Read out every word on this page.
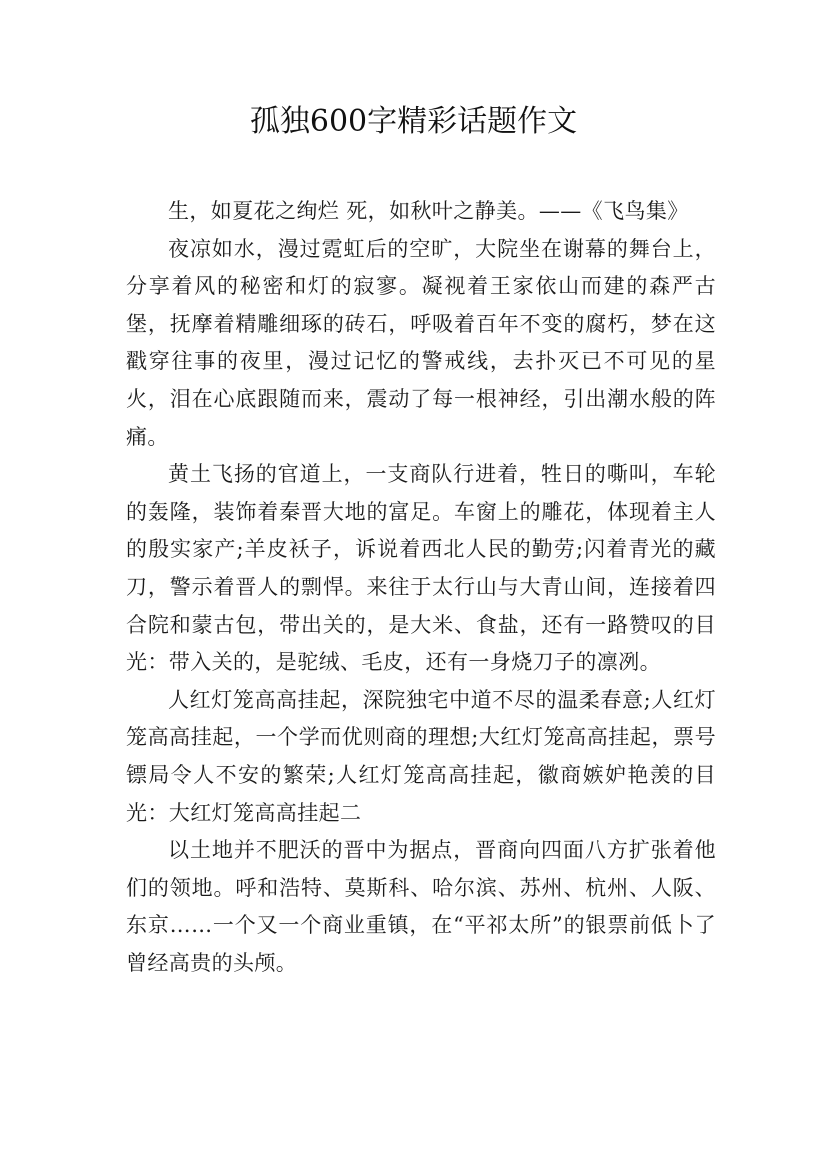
孤独600字精彩话题作文

生，如夏花之绚烂 死，如秋叶之静美。——《飞鸟集》

夜凉如水，漫过霓虹后的空旷，大院坐在谢幕的舞台上，分享着风的秘密和灯的寂寥。凝视着王家依山而建的森严古堡，抚摩着精雕细琢的砖石，呼吸着百年不变的腐朽，梦在这戳穿往事的夜里，漫过记忆的警戒线，去扑灭已不可见的星火，泪在心底跟随而来，震动了每一根神经，引出潮水般的阵痛。

黄土飞扬的官道上，一支商队行进着，牲日的嘶叫，车轮的轰隆，装饰着秦晋大地的富足。车窗上的雕花，体现着主人的殷实家产;羊皮袄子，诉说着西北人民的勤劳;闪着青光的藏刀，警示着晋人的剽悍。来往于太行山与大青山间，连接着四合院和蒙古包，带出关的，是大米、食盐，还有一路赞叹的目光：带入关的，是驼绒、毛皮，还有一身烧刀子的凛冽。

人红灯笼高高挂起，深院独宅中道不尽的温柔春意;人红灯笼高高挂起，一个学而优则商的理想;大红灯笼高高挂起，票号镖局令人不安的繁荣;人红灯笼高高挂起，徽商嫉妒艳羡的目光：大红灯笼高高挂起二

以土地并不肥沃的晋中为据点，晋商向四面八方扩张着他们的领地。呼和浩特、莫斯科、哈尔滨、苏州、杭州、人阪、东京……一个又一个商业重镇，在“平祁太所”的银票前低卜了曾经高贵的头颅。
